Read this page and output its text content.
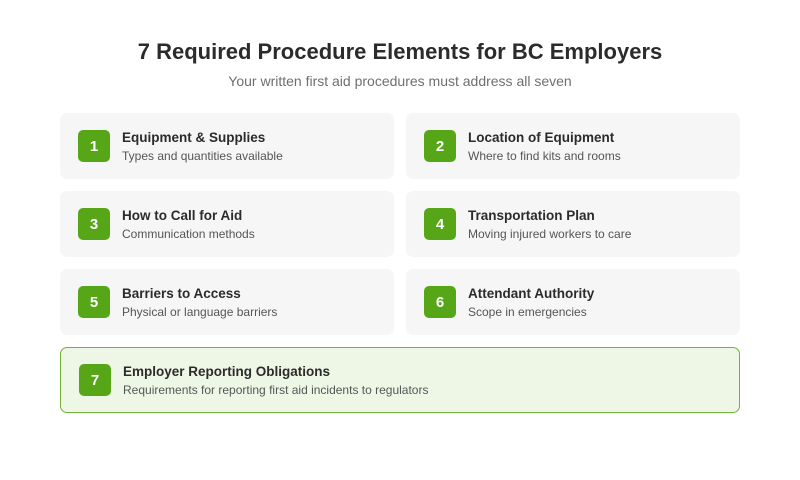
7 Required Procedure Elements for BC Employers
Your written first aid procedures must address all seven
1
Equipment & Supplies
Types and quantities available
2
Location of Equipment
Where to find kits and rooms
3
How to Call for Aid
Communication methods
4
Transportation Plan
Moving injured workers to care
5
Barriers to Access
Physical or language barriers
6
Attendant Authority
Scope in emergencies
7
Employer Reporting Obligations
Requirements for reporting first aid incidents to regulators
